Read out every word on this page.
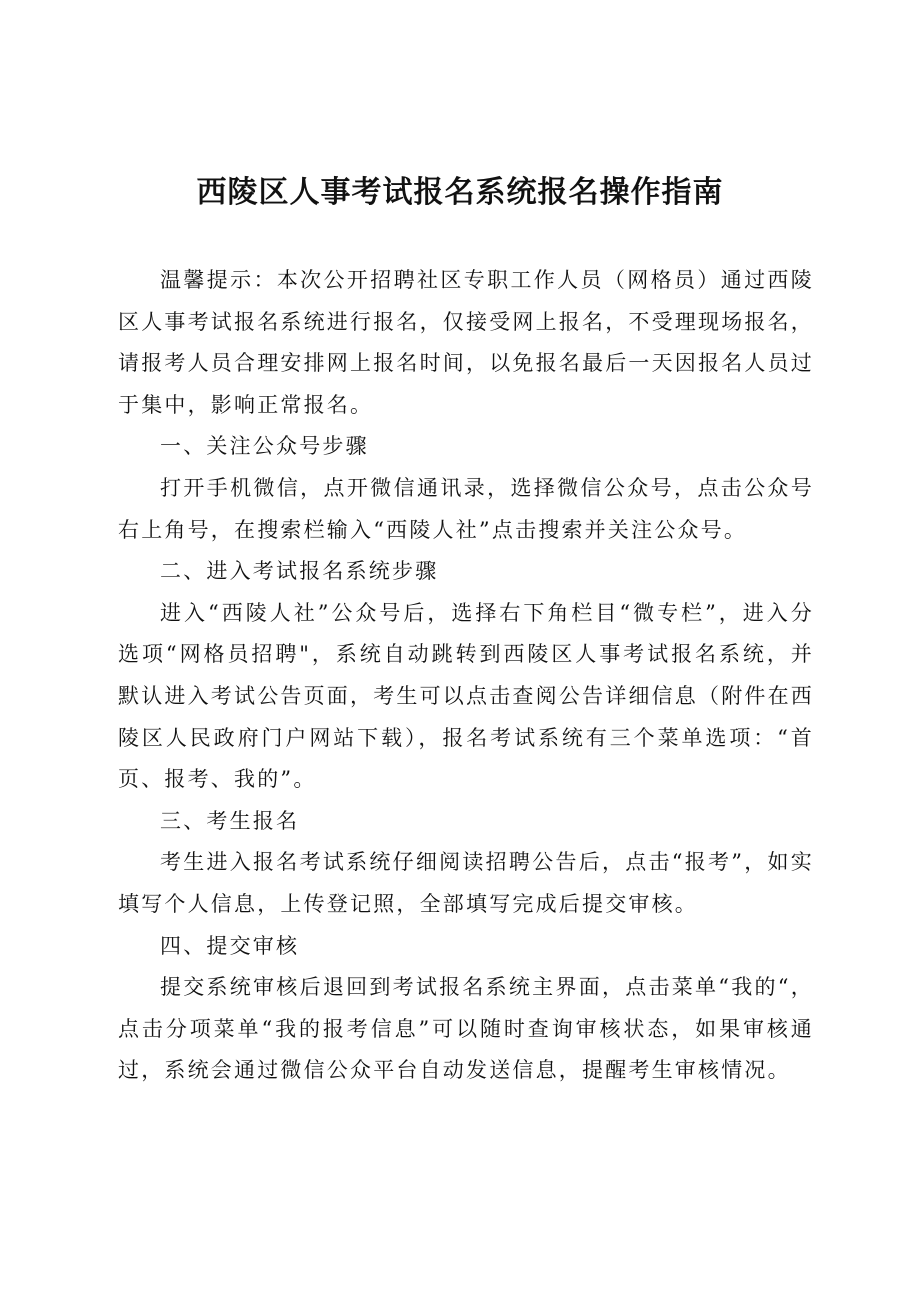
西陵区人事考试报名系统报名操作指南

温馨提示：本次公开招聘社区专职工作人员（网格员）通过西陵区人事考试报名系统进行报名，仅接受网上报名，不受理现场报名，请报考人员合理安排网上报名时间，以免报名最后一天因报名人员过于集中，影响正常报名。

一、关注公众号步骤

打开手机微信，点开微信通讯录，选择微信公众号，点击公众号右上角号，在搜索栏输入“西陵人社”点击搜索并关注公众号。

二、进入考试报名系统步骤

进入“西陵人社”公众号后，选择右下角栏目“微专栏”，进入分选项“网格员招聘"，系统自动跳转到西陵区人事考试报名系统，并默认进入考试公告页面，考生可以点击查阅公告详细信息（附件在西陵区人民政府门户网站下载），报名考试系统有三个菜单选项：“首页、报考、我的”。

三、考生报名

考生进入报名考试系统仔细阅读招聘公告后，点击“报考”，如实填写个人信息，上传登记照，全部填写完成后提交审核。

四、提交审核

提交系统审核后退回到考试报名系统主界面，点击菜单“我的“，点击分项菜单“我的报考信息”可以随时查询审核状态，如果审核通过，系统会通过微信公众平台自动发送信息，提醒考生审核情况。
